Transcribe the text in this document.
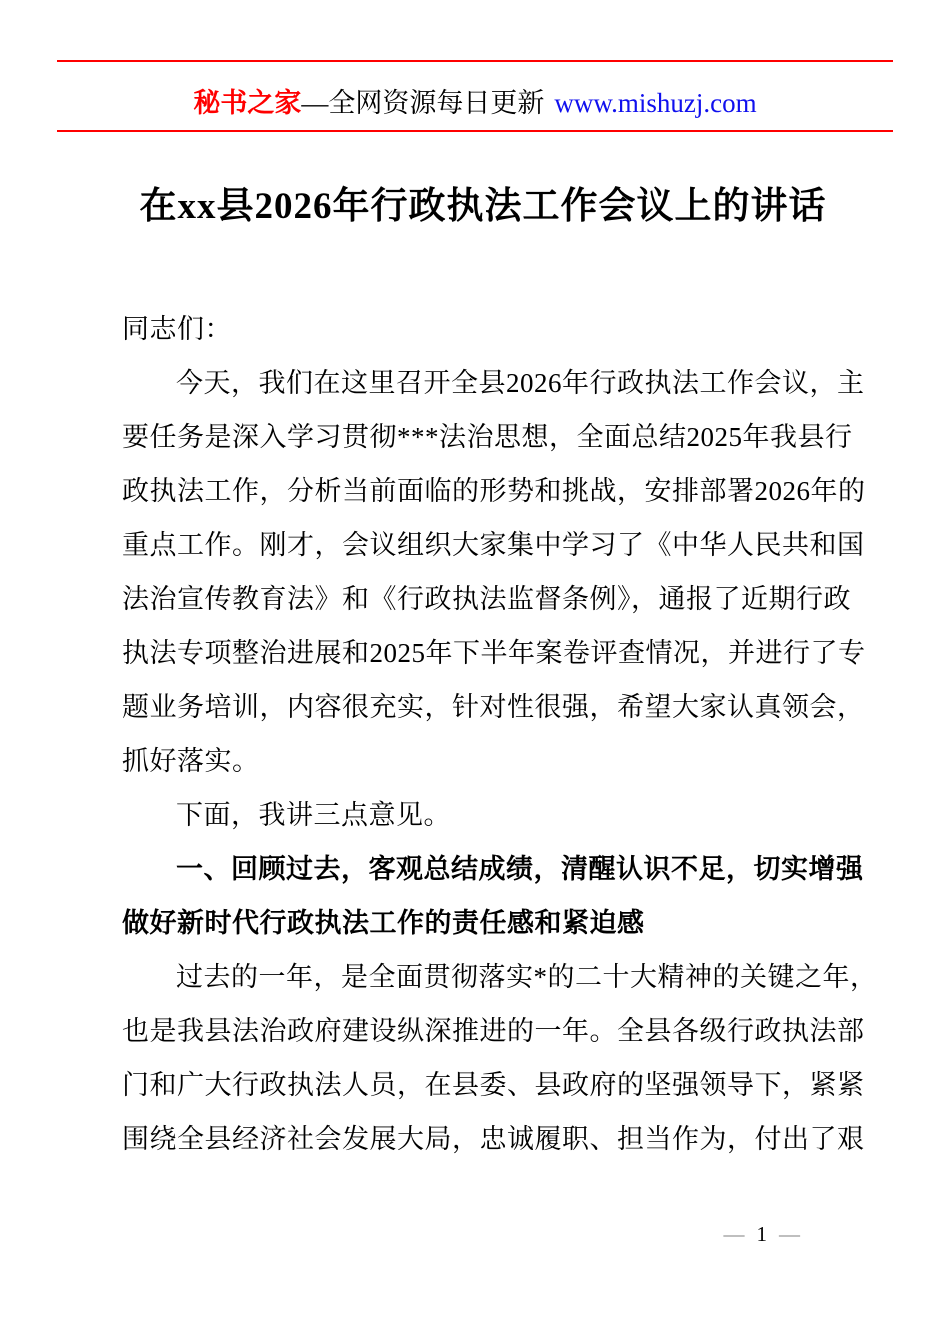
秘书之家—全网资源每日更新 www.mishuzj.com
在xx县2026年行政执法工作会议上的讲话
同志们：
今天，我们在这里召开全县2026年行政执法工作会议，主
要任务是深入学习贯彻***法治思想，全面总结2025年我县行
政执法工作，分析当前面临的形势和挑战，安排部署2026年的
重点工作。刚才，会议组织大家集中学习了《中华人民共和国
法治宣传教育法》和《行政执法监督条例》，通报了近期行政
执法专项整治进展和2025年下半年案卷评查情况，并进行了专
题业务培训，内容很充实，针对性很强，希望大家认真领会，
抓好落实。
下面，我讲三点意见。
一、回顾过去，客观总结成绩，清醒认识不足，切实增强
做好新时代行政执法工作的责任感和紧迫感
过去的一年，是全面贯彻落实*的二十大精神的关键之年，
也是我县法治政府建设纵深推进的一年。全县各级行政执法部
门和广大行政执法人员，在县委、县政府的坚强领导下，紧紧
围绕全县经济社会发展大局，忠诚履职、担当作为，付出了艰
— 1 —
